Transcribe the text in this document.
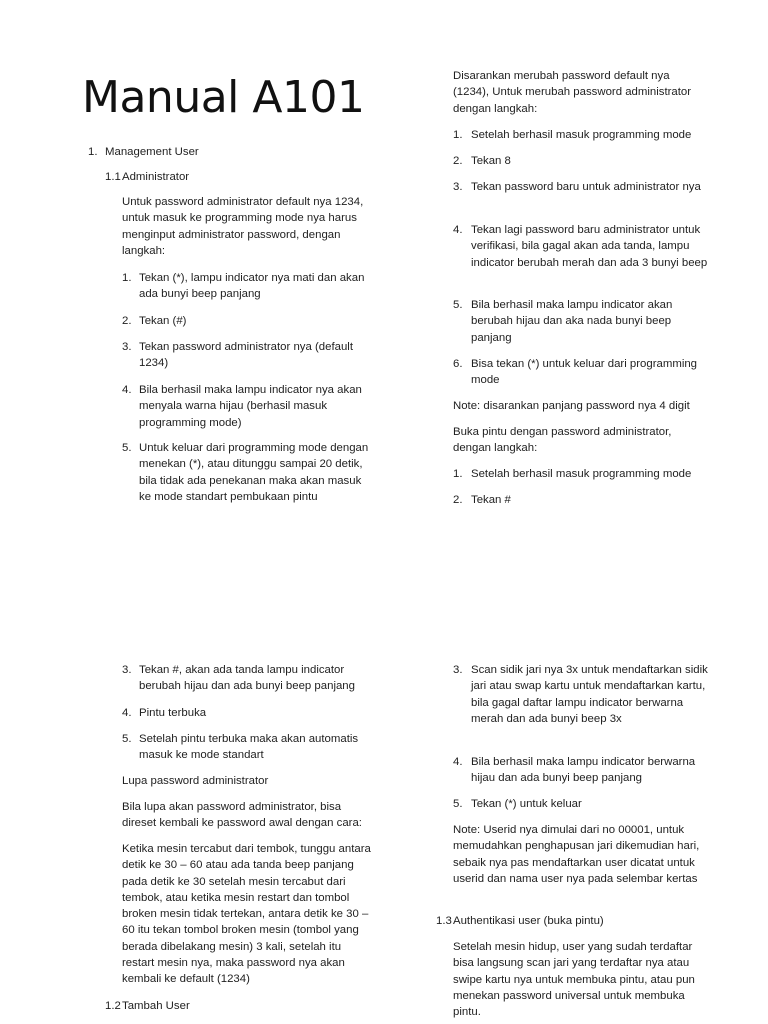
Manual A101
1. Management User
1.1 Administrator

Untuk password administrator default nya 1234, untuk masuk ke programming mode nya harus menginput administrator password, dengan langkah:

1. Tekan (*), lampu indicator nya mati dan akan ada bunyi beep panjang
2. Tekan (#)
3. Tekan password administrator nya (default 1234)
4. Bila berhasil maka lampu indicator nya akan menyala warna hijau (berhasil masuk programming mode)
5. Untuk keluar dari programming mode dengan menekan (*), atau ditunggu sampai 20 detik, bila tidak ada penekanan maka akan masuk ke mode standart pembukaan pintu

Disarankan merubah password default nya (1234), Untuk merubah password administrator dengan langkah:

1. Setelah berhasil masuk programming mode
2. Tekan 8
3. Tekan password baru untuk administrator nya
4. Tekan lagi password baru administrator untuk verifikasi, bila gagal akan ada tanda, lampu indicator berubah merah dan ada 3 bunyi beep
5. Bila berhasil maka lampu indicator akan berubah hijau dan aka nada bunyi beep panjang
6. Bisa tekan (*) untuk keluar dari programming mode

Note: disarankan panjang password nya 4 digit

Buka pintu dengan password administrator, dengan langkah:

1. Setelah berhasil masuk programming mode
2. Tekan #
3. Tekan #, akan ada tanda lampu indicator berubah hijau dan ada bunyi beep panjang
4. Pintu terbuka
5. Setelah pintu terbuka maka akan automatis masuk ke mode standart

Lupa password administrator

Bila lupa akan password administrator, bisa direset kembali ke password awal dengan cara:

Ketika mesin tercabut dari tembok, tunggu antara detik ke 30 – 60 atau ada tanda beep panjang pada detik ke 30 setelah mesin tercabut dari tembok, atau ketika mesin restart dan tombol broken mesin tidak tertekan, antara detik ke 30 – 60 itu tekan tombol broken mesin (tombol yang berada dibelakang mesin) 3 kali, setelah itu restart mesin nya, maka password nya akan kembali ke default (1234)

1.2 Tambah User
3. Scan sidik jari nya 3x untuk mendaftarkan sidik jari atau swap kartu untuk mendaftarkan kartu, bila gagal daftar lampu indicator berwarna merah dan ada bunyi beep 3x
4. Bila berhasil maka lampu indicator berwarna hijau dan ada bunyi beep panjang
5. Tekan (*) untuk keluar

Note: Userid nya dimulai dari no 00001, untuk memudahkan penghapusan jari dikemudian hari, sebaik nya pas mendaftarkan user dicatat untuk userid dan nama user nya pada selembar kertas

1.3 Authentikasi user (buka pintu)

Setelah mesin hidup, user yang sudah terdaftar bisa langsung scan jari yang terdaftar nya atau swipe kartu nya untuk membuka pintu, atau pun menekan password universal untuk membuka pintu.
